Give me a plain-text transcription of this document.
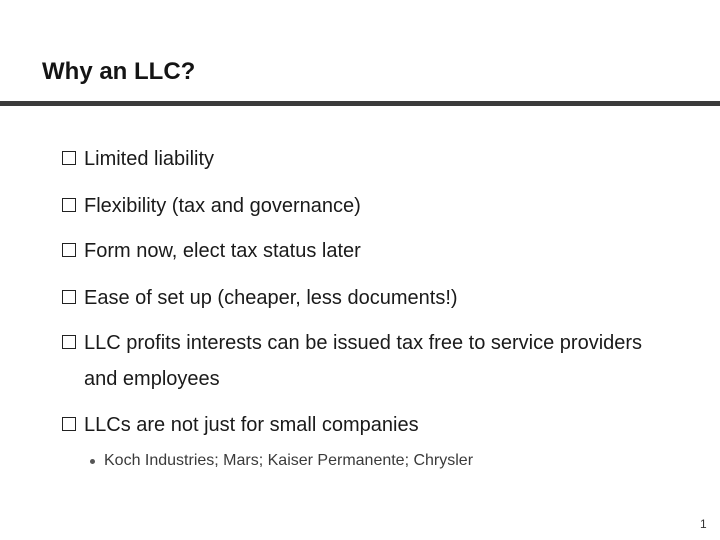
Why an LLC?
Limited liability
Flexibility (tax and governance)
Form now, elect tax status later
Ease of set up (cheaper, less documents!)
LLC profits interests can be issued tax free to service providers and employees
LLCs are not just for small companies
Koch Industries; Mars; Kaiser Permanente; Chrysler
1
